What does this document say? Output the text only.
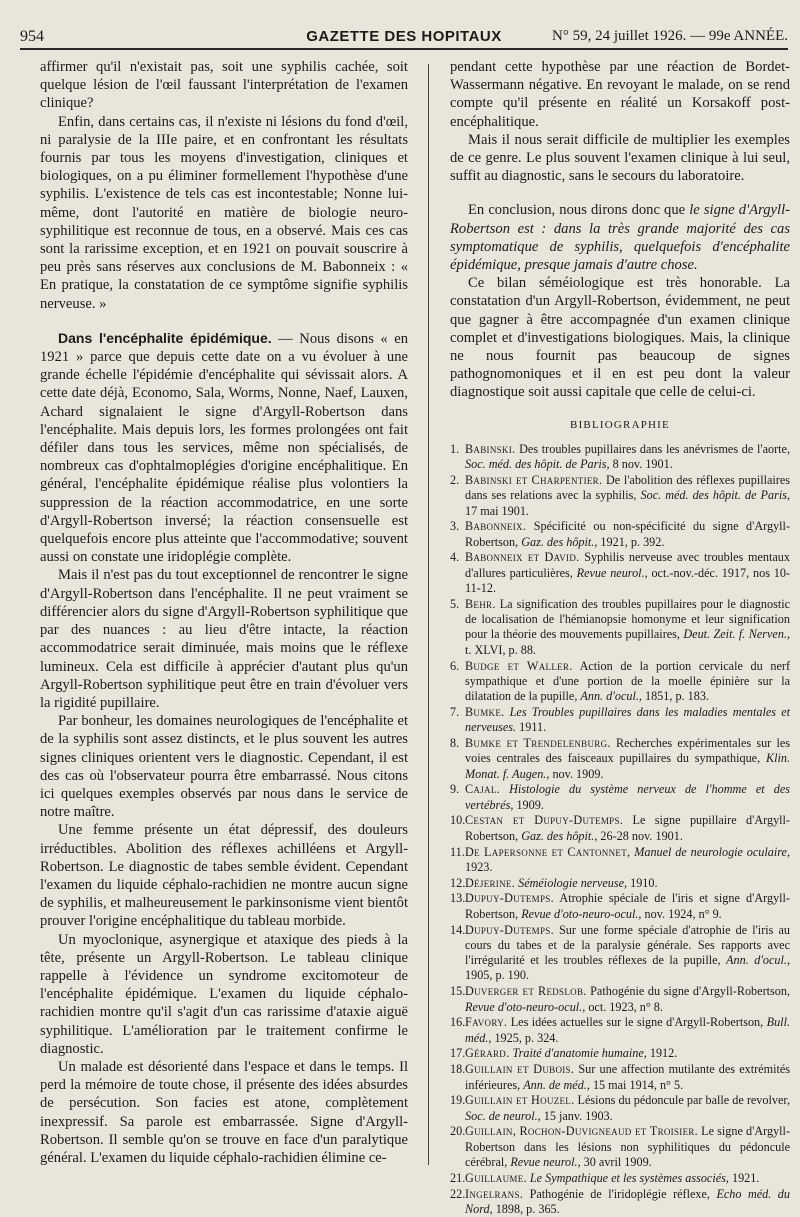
954	GAZETTE DES HOPITAUX	N° 59, 24 juillet 1926. — 99e ANNÉE.

affirmer qu'il n'existait pas, soit une syphilis cachée, soit quelque lésion de l'œil faussant l'interprétation de l'examen clinique?

Enfin, dans certains cas, il n'existe ni lésions du fond d'œil, ni paralysie de la IIIe paire, et en confrontant les résultats fournis par tous les moyens d'investigation, cliniques et biologiques, on a pu éliminer formellement l'hypothèse d'une syphilis. L'existence de tels cas est incontestable; Nonne lui-même, dont l'autorité en matière de biologie neuro-syphilitique est reconnue de tous, en a observé. Mais ces cas sont la rarissime exception, et en 1921 on pouvait souscrire à peu près sans réserves aux conclusions de M. Babonneix : « En pratique, la constatation de ce symptôme signifie syphilis nerveuse. »

Dans l'encéphalite épidémique. — Nous disons « en 1921 » parce que depuis cette date on a vu évoluer à une grande échelle l'épidémie d'encéphalite qui sévissait alors. A cette date déjà, Economo, Sala, Worms, Nonne, Naef, Lauxen, Achard signalaient le signe d'Argyll-Robertson dans l'encéphalite. Mais depuis lors, les formes prolongées ont fait défiler dans tous les services, même non spécialisés, de nombreux cas d'ophtalmoplégies d'origine encéphalitique. En général, l'encéphalite épidémique réalise plus volontiers la suppression de la réaction accommodatrice, en une sorte d'Argyll-Robertson inversé; la réaction consensuelle est quelquefois encore plus atteinte que l'accommodative; souvent aussi on constate une iridoplégie complète.

Mais il n'est pas du tout exceptionnel de rencontrer le signe d'Argyll-Robertson dans l'encéphalite. Il ne peut vraiment se différencier alors du signe d'Argyll-Robertson syphilitique que par des nuances : au lieu d'être intacte, la réaction accommodatrice serait diminuée, mais moins que le réflexe lumineux. Cela est difficile à apprécier d'autant plus qu'un Argyll-Robertson syphilitique peut être en train d'évoluer vers la rigidité pupillaire.

Par bonheur, les domaines neurologiques de l'encéphalite et de la syphilis sont assez distincts, et le plus souvent les autres signes cliniques orientent vers le diagnostic. Cependant, il est des cas où l'observateur pourra être embarrassé. Nous citons ici quelques exemples observés par nous dans le service de notre maître.

Une femme présente un état dépressif, des douleurs irréductibles. Abolition des réflexes achilléens et Argyll-Robertson. Le diagnostic de tabes semble évident. Cependant l'examen du liquide céphalo-rachidien ne montre aucun signe de syphilis, et malheureusement le parkinsonisme vient bientôt prouver l'origine encéphalitique du tableau morbide.

Un myoclonique, asynergique et ataxique des pieds à la tête, présente un Argyll-Robertson. Le tableau clinique rappelle à l'évidence un syndrome excitomoteur de l'encéphalite épidémique. L'examen du liquide céphalo-rachidien montre qu'il s'agit d'un cas rarissime d'ataxie aiguë syphilitique. L'amélioration par le traitement confirme le diagnostic.

Un malade est désorienté dans l'espace et dans le temps. Il perd la mémoire de toute chose, il présente des idées absurdes de persécution. Son facies est atone, complètement inexpressif. Sa parole est embarrassée. Signe d'Argyll-Robertson. Il semble qu'on se trouve en face d'un paralytique général. L'examen du liquide céphalo-rachidien élimine ce-

pendant cette hypothèse par une réaction de Bordet-Wassermann négative. En revoyant le malade, on se rend compte qu'il présente en réalité un Korsakoff post-encéphalitique.

Mais il nous serait difficile de multiplier les exemples de ce genre. Le plus souvent l'examen clinique à lui seul, suffit au diagnostic, sans le secours du laboratoire.

En conclusion, nous dirons donc que le signe d'Argyll-Robertson est : dans la très grande majorité des cas symptomatique de syphilis, quelquefois d'encéphalite épidémique, presque jamais d'autre chose.

Ce bilan séméiologique est très honorable. La constatation d'un Argyll-Robertson, évidemment, ne peut que gagner à être accompagnée d'un examen clinique complet et d'investigations biologiques. Mais, la clinique ne nous fournit pas beaucoup de signes pathognomoniques et il en est peu dont la valeur diagnostique soit aussi capitale que celle de celui-ci.

BIBLIOGRAPHIE
1. Babinski. Des troubles pupillaires dans les anévrismes de l'aorte, Soc. méd. des hôpit. de Paris, 8 nov. 1901.
2. Babinski et Charpentier. De l'abolition des réflexes pupillaires dans ses relations avec la syphilis, Soc. méd. des hôpit. de Paris, 17 mai 1901.
3. Babonneix. Spécificité ou non-spécificité du signe d'Argyll-Robertson, Gaz. des hôpit., 1921, p. 392.
4. Babonneix et David. Syphilis nerveuse avec troubles mentaux d'allures particulières, Revue neurol., oct.-nov.-déc. 1917, nos 10-11-12.
5. Behr. La signification des troubles pupillaires pour le diagnostic de localisation de l'hémianopsie homonyme et leur signification pour la théorie des mouvements pupillaires, Deut. Zeit. f. Nerven., t. XLVI, p. 88.
6. Budge et Waller. Action de la portion cervicale du nerf sympathique et d'une portion de la moelle épinière sur la dilatation de la pupille, Ann. d'ocul., 1851, p. 183.
7. Bumke. Les Troubles pupillaires dans les maladies mentales et nerveuses. 1911.
8. Bumke et Trendelenburg. Recherches expérimentales sur les voies centrales des faisceaux pupillaires du sympathique, Klin. Monat. f. Augen., nov. 1909.
9. Cajal. Histologie du système nerveux de l'homme et des vertébrés, 1909.
10.Cestan et Dupuy-Dutemps. Le signe pupillaire d'Argyll-Robertson, Gaz. des hôpit., 26-28 nov. 1901.
11.De Lapersonne et Cantonnet, Manuel de neurologie oculaire, 1923.
12.Déjerine. Séméiologie nerveuse, 1910.
13.Dupuy-Dutemps. Atrophie spéciale de l'iris et signe d'Argyll-Robertson, Revue d'oto-neuro-ocul., nov. 1924, n° 9.
14.Dupuy-Dutemps. Sur une forme spéciale d'atrophie de l'iris au cours du tabes et de la paralysie générale. Ses rapports avec l'irrégularité et les troubles réflexes de la pupille, Ann. d'ocul., 1905, p. 190.
15.Duverger et Redslob. Pathogénie du signe d'Argyll-Robertson, Revue d'oto-neuro-ocul., oct. 1923, n° 8.
16.Favory. Les idées actuelles sur le signe d'Argyll-Robertson, Bull. méd., 1925, p. 324.
17.Gérard. Traité d'anatomie humaine, 1912.
18.Guillain et Dubois. Sur une affection mutilante des extrémités inférieures, Ann. de méd., 15 mai 1914, n° 5.
19.Guillain et Houzel. Lésions du pédoncule par balle de revolver, Soc. de neurol., 15 janv. 1903.
20.Guillain, Rochon-Duvigneaud et Troisier. Le signe d'Argyll-Robertson dans les lésions non syphilitiques du pédoncule cérébral, Revue neurol., 30 avril 1909.
21.Guillaume. Le Sympathique et les systèmes associés, 1921.
22.Ingelrans. Pathogénie de l'iridoplégie réflexe, Echo méd. du Nord, 1898, p. 365.
